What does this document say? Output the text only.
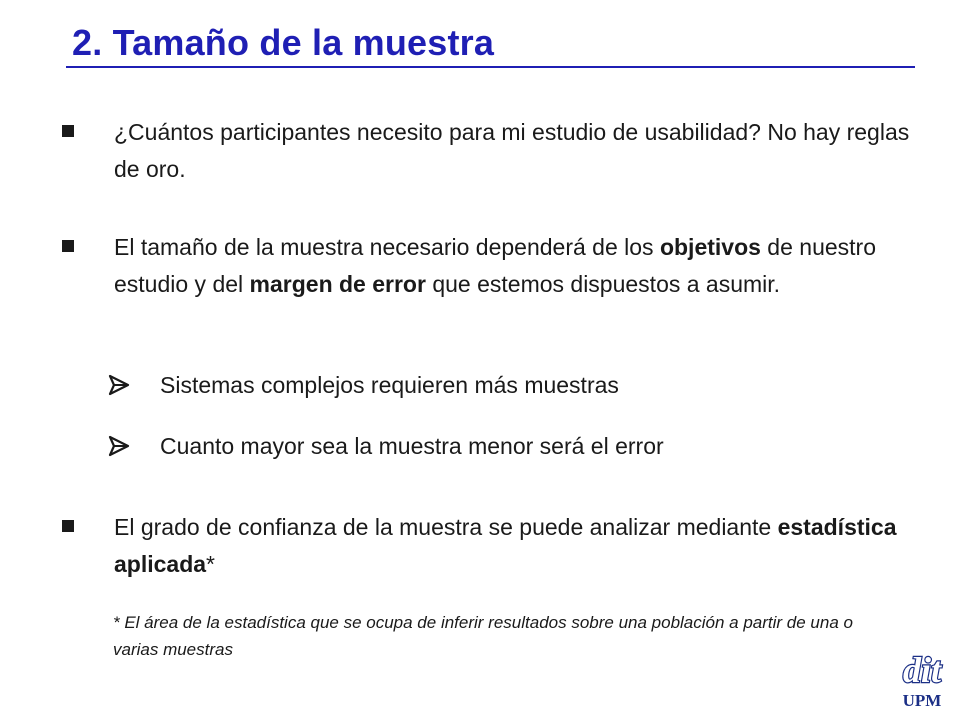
2. Tamaño de la muestra
¿Cuántos participantes necesito para mi estudio de usabilidad? No hay reglas de oro.
El tamaño de la muestra necesario dependerá de los objetivos de nuestro estudio y del margen de error que estemos dispuestos a asumir.
Sistemas complejos requieren más muestras
Cuanto mayor sea la muestra menor será el error
El grado de confianza de la muestra se puede analizar mediante estadística aplicada*
* El área de la estadística que se ocupa de inferir resultados sobre una población a partir de una o varias muestras
dit
UPM
